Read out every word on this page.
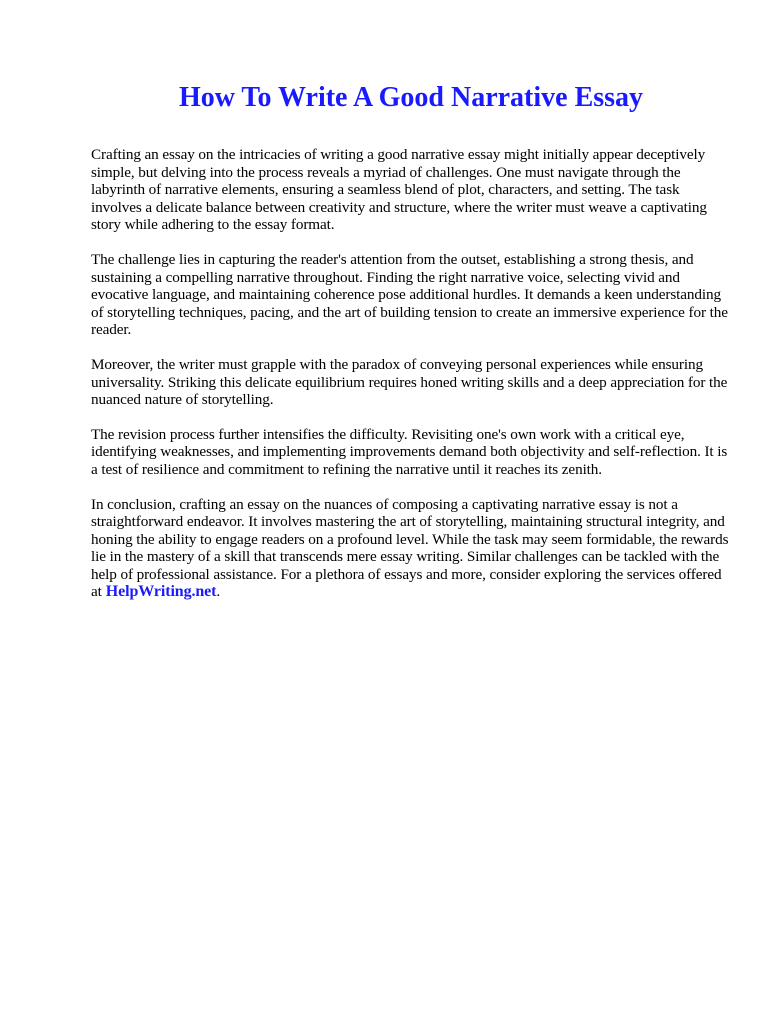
How To Write A Good Narrative Essay

Crafting an essay on the intricacies of writing a good narrative essay might initially appear deceptively simple, but delving into the process reveals a myriad of challenges. One must navigate through the labyrinth of narrative elements, ensuring a seamless blend of plot, characters, and setting. The task involves a delicate balance between creativity and structure, where the writer must weave a captivating story while adhering to the essay format.

The challenge lies in capturing the reader's attention from the outset, establishing a strong thesis, and sustaining a compelling narrative throughout. Finding the right narrative voice, selecting vivid and evocative language, and maintaining coherence pose additional hurdles. It demands a keen understanding of storytelling techniques, pacing, and the art of building tension to create an immersive experience for the reader.

Moreover, the writer must grapple with the paradox of conveying personal experiences while ensuring universality. Striking this delicate equilibrium requires honed writing skills and a deep appreciation for the nuanced nature of storytelling.

The revision process further intensifies the difficulty. Revisiting one's own work with a critical eye, identifying weaknesses, and implementing improvements demand both objectivity and self-reflection. It is a test of resilience and commitment to refining the narrative until it reaches its zenith.

In conclusion, crafting an essay on the nuances of composing a captivating narrative essay is not a straightforward endeavor. It involves mastering the art of storytelling, maintaining structural integrity, and honing the ability to engage readers on a profound level. While the task may seem formidable, the rewards lie in the mastery of a skill that transcends mere essay writing. Similar challenges can be tackled with the help of professional assistance. For a plethora of essays and more, consider exploring the services offered at HelpWriting.net.
